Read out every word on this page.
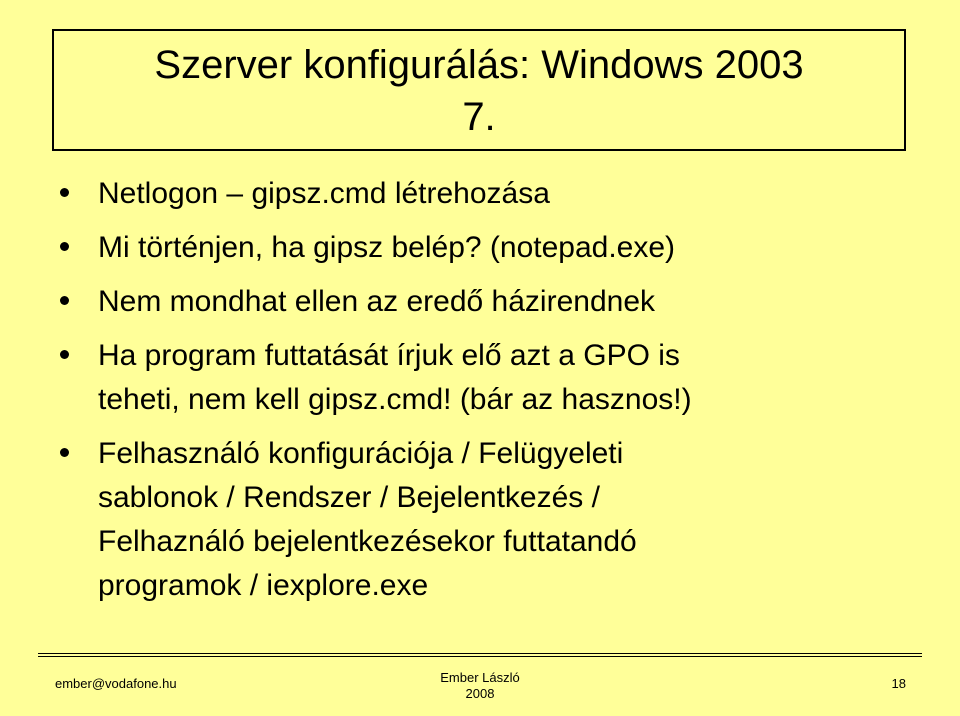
Szerver konfigurálás: Windows 2003
7.
Netlogon – gipsz.cmd létrehozása
Mi történjen, ha gipsz belép? (notepad.exe)
Nem mondhat ellen az eredő házirendnek
Ha program futtatását írjuk elő azt a GPO is
teheti, nem kell gipsz.cmd! (bár az hasznos!)
Felhasználó konfigurációja / Felügyeleti
sablonok / Rendszer / Bejelentkezés /
Felhaználó bejelentkezésekor futtatandó
programok / iexplore.exe
ember@vodafone.hu	Ember László
2008
18
